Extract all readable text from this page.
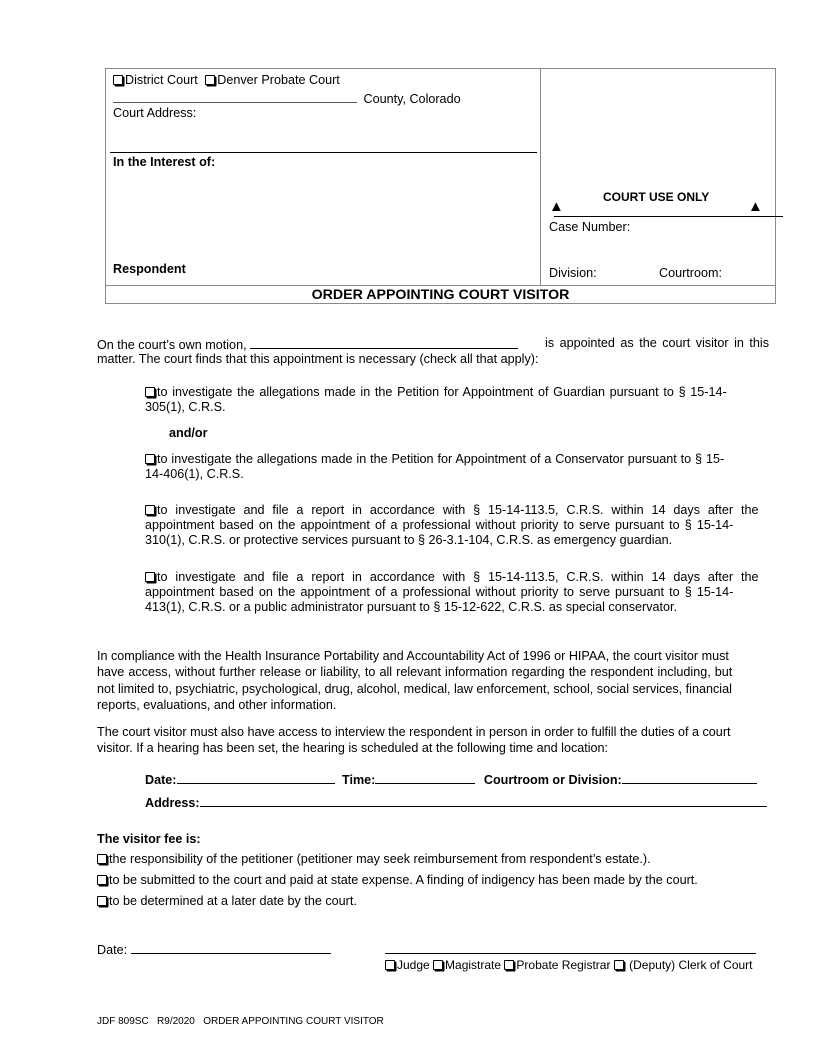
District Court Denver Probate Court
County, Colorado
Court Address:
In the Interest of:
Respondent
▲
COURT USE ONLY
▲
Case Number:
Division:	Courtroom:
ORDER APPOINTING COURT VISITOR
On the court’s own motion,	is appointed as the court visitor in this
matter. The court finds that this appointment is necessary (check all that apply):
to investigate the allegations made in the Petition for Appointment of Guardian pursuant to § 15-14-
305(1), C.R.S.
and/or
to investigate the allegations made in the Petition for Appointment of a Conservator pursuant to § 15-
14-406(1), C.R.S.
to investigate and file a report in accordance with § 15-14-113.5, C.R.S. within 14 days after the
appointment based on the appointment of a professional without priority to serve pursuant to § 15-14-
310(1), C.R.S. or protective services pursuant to § 26-3.1-104, C.R.S. as emergency guardian.
to investigate and file a report in accordance with § 15-14-113.5, C.R.S. within 14 days after the
appointment based on the appointment of a professional without priority to serve pursuant to § 15-14-
413(1), C.R.S. or a public administrator pursuant to § 15-12-622, C.R.S. as special conservator.
In compliance with the Health Insurance Portability and Accountability Act of 1996 or HIPAA, the court visitor must
have access, without further release or liability, to all relevant information regarding the respondent including, but
not limited to, psychiatric, psychological, drug, alcohol, medical, law enforcement, school, social services, financial
reports, evaluations, and other information.
The court visitor must also have access to interview the respondent in person in order to fulfill the duties of a court
visitor. If a hearing has been set, the hearing is scheduled at the following time and location:
Date:	Time:	Courtroom or Division:
Address:
The visitor fee is:
the responsibility of the petitioner (petitioner may seek reimbursement from respondent’s estate.).
to be submitted to the court and paid at state expense. A finding of indigency has been made by the court.
to be determined at a later date by the court.
Date:
Judge Magistrate Probate Registrar  (Deputy) Clerk of Court
JDF 809SC R9/2020 ORDER APPOINTING COURT VISITOR
